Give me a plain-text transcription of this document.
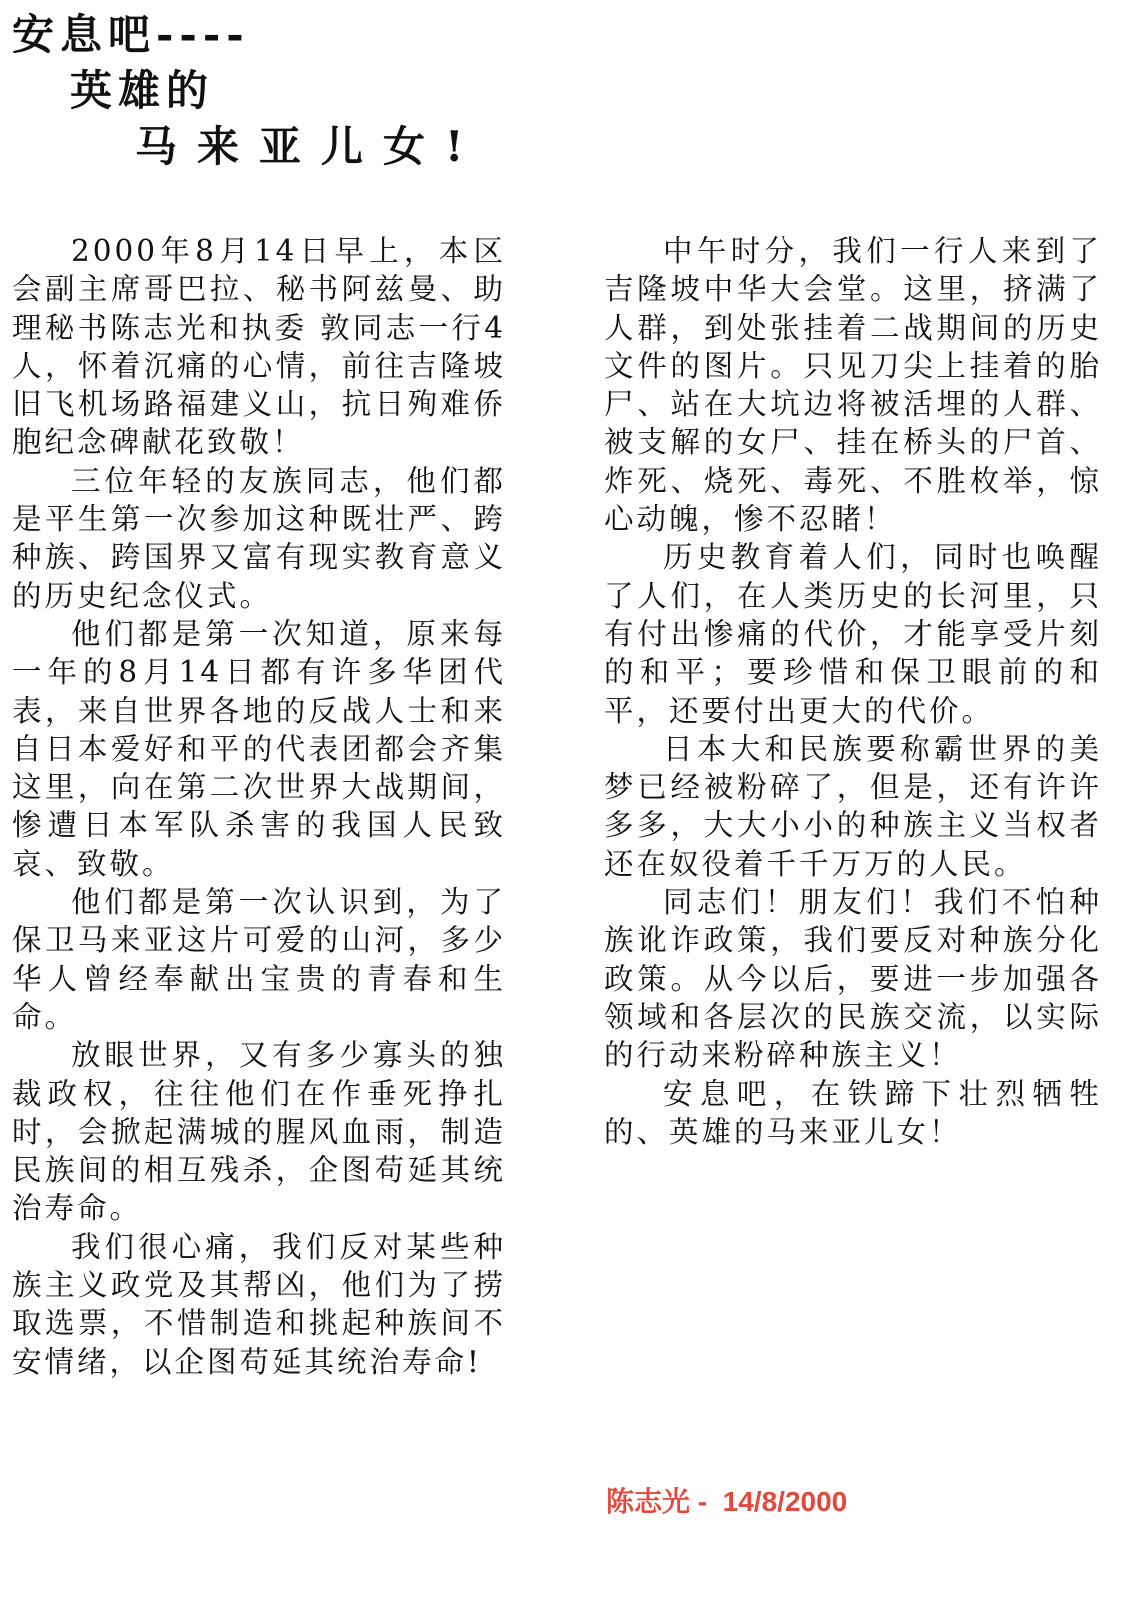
安息吧----
英雄的
马来亚儿女!

2000年8月14日早上，本区会副主席哥巴拉、秘书阿兹曼、助理秘书陈志光和执委 敦同志一行4人，怀着沉痛的心情，前往吉隆坡旧飞机场路福建义山，抗日殉难侨胞纪念碑献花致敬！

三位年轻的友族同志，他们都是平生第一次参加这种既壮严、跨种族、跨国界又富有现实教育意义的历史纪念仪式。

他们都是第一次知道，原来每一年的8月14日都有许多华团代表，来自世界各地的反战人士和来自日本爱好和平的代表团都会齐集这里，向在第二次世界大战期间，惨遭日本军队杀害的我国人民致哀、致敬。

他们都是第一次认识到，为了保卫马来亚这片可爱的山河，多少华人曾经奉献出宝贵的青春和生命。

放眼世界，又有多少寡头的独裁政权，往往他们在作垂死挣扎时，会掀起满城的腥风血雨，制造民族间的相互残杀，企图苟延其统治寿命。

我们很心痛，我们反对某些种族主义政党及其帮凶，他们为了捞取选票，不惜制造和挑起种族间不安情绪，以企图苟延其统治寿命!

中午时分，我们一行人来到了吉隆坡中华大会堂。这里，挤满了人群，到处张挂着二战期间的历史文件的图片。只见刀尖上挂着的胎尸、站在大坑边将被活埋的人群、被支解的女尸、挂在桥头的尸首、炸死、烧死、毒死、不胜枚举，惊心动魄，惨不忍睹！

历史教育着人们，同时也唤醒了人们，在人类历史的长河里，只有付出惨痛的代价，才能享受片刻的和平；要珍惜和保卫眼前的和平，还要付出更大的代价。

日本大和民族要称霸世界的美梦已经被粉碎了，但是，还有许许多多，大大小小的种族主义当权者还在奴役着千千万万的人民。

同志们！朋友们！我们不怕种族讹诈政策，我们要反对种族分化政策。从今以后，要进一步加强各领域和各层次的民族交流，以实际的行动来粉碎种族主义！

安息吧，在铁蹄下壮烈牺牲的、英雄的马来亚儿女！

陈志光 -  14/8/2000
